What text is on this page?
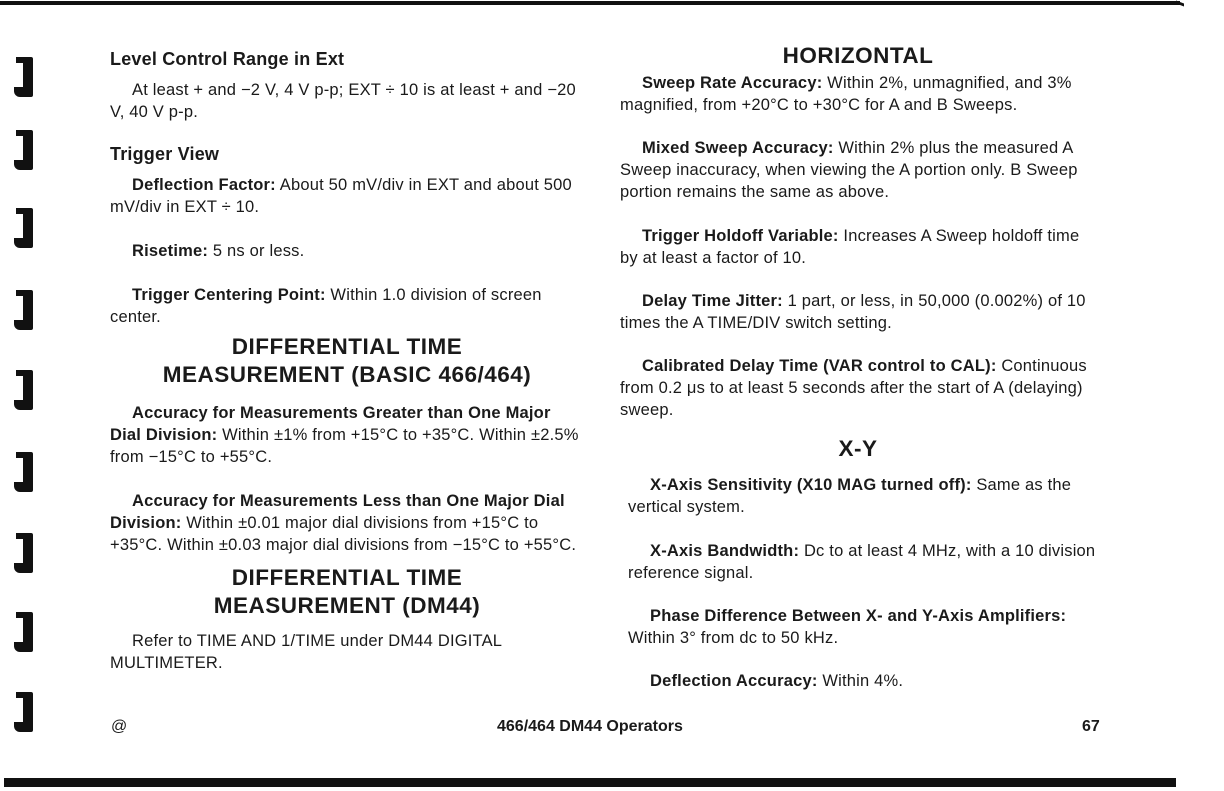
Level Control Range in Ext

At least + and −2 V, 4 V p-p; EXT ÷ 10 is at least + and −20 V, 40 V p-p.

Trigger View

Deflection Factor: About 50 mV/div in EXT and about 500 mV/div in EXT ÷ 10.

Risetime: 5 ns or less.

Trigger Centering Point: Within 1.0 division of screen center.

DIFFERENTIAL TIME
MEASUREMENT (BASIC 466/464)

Accuracy for Measurements Greater than One Major Dial Division: Within ±1% from +15°C to +35°C. Within ±2.5% from −15°C to +55°C.

Accuracy for Measurements Less than One Major Dial Division: Within ±0.01 major dial divisions from +15°C to +35°C. Within ±0.03 major dial divisions from −15°C to +55°C.

DIFFERENTIAL TIME
MEASUREMENT (DM44)

Refer to TIME AND 1/TIME under DM44 DIGITAL MULTIMETER.

HORIZONTAL

Sweep Rate Accuracy: Within 2%, unmagnified, and 3% magnified, from +20°C to +30°C for A and B Sweeps.

Mixed Sweep Accuracy: Within 2% plus the measured A Sweep inaccuracy, when viewing the A portion only. B Sweep portion remains the same as above.

Trigger Holdoff Variable: Increases A Sweep holdoff time by at least a factor of 10.

Delay Time Jitter: 1 part, or less, in 50,000 (0.002%) of 10 times the A TIME/DIV switch setting.

Calibrated Delay Time (VAR control to CAL): Continuous from 0.2 μs to at least 5 seconds after the start of A (delaying) sweep.

X-Y

X-Axis Sensitivity (X10 MAG turned off): Same as the vertical system.

X-Axis Bandwidth: Dc to at least 4 MHz, with a 10 division reference signal.

Phase Difference Between X- and Y-Axis Amplifiers: Within 3° from dc to 50 kHz.

Deflection Accuracy: Within 4%.

@	466/464 DM44 Operators	67
